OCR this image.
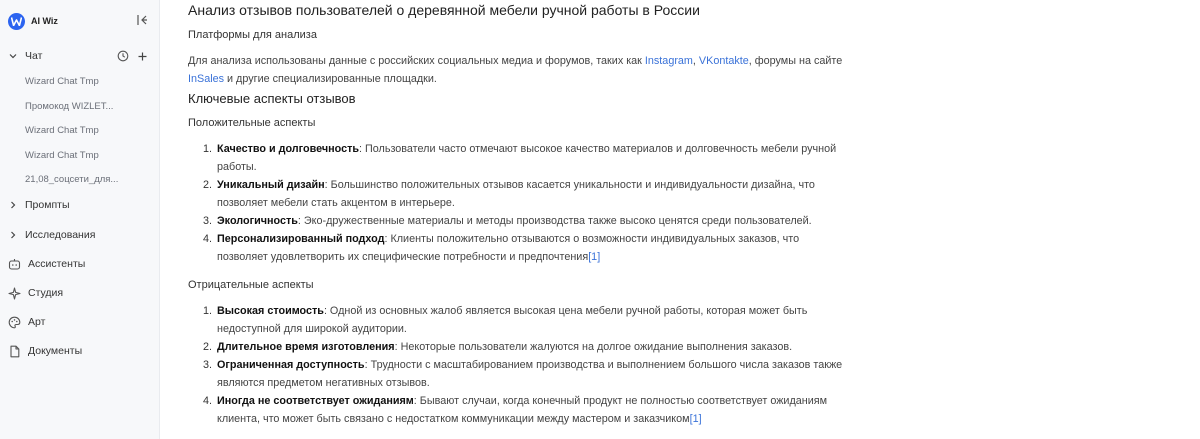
AI Wiz
Чат
Wizard Chat Tmp
Промокод WIZLET...
Wizard Chat Tmp
Wizard Chat Tmp
21,08_соцсети_для...
Промпты
Исследования
Ассистенты
Студия
Арт
Документы
Анализ отзывов пользователей о деревянной мебели ручной работы в России
Платформы для анализа
Для анализа использованы данные с российских социальных медиа и форумов, таких как Instagram, VKontakte, форумы на сайте InSales и другие специализированные площадки.
Ключевые аспекты отзывов
Положительные аспекты
1. Качество и долговечность: Пользователи часто отмечают высокое качество материалов и долговечность мебели ручной работы.
2. Уникальный дизайн: Большинство положительных отзывов касается уникальности и индивидуальности дизайна, что позволяет мебели стать акцентом в интерьере.
3. Экологичность: Эко-дружественные материалы и методы производства также высоко ценятся среди пользователей.
4. Персонализированный подход: Клиенты положительно отзываются о возможности индивидуальных заказов, что позволяет удовлетворить их специфические потребности и предпочтения[1]
Отрицательные аспекты
1. Высокая стоимость: Одной из основных жалоб является высокая цена мебели ручной работы, которая может быть недоступной для широкой аудитории.
2. Длительное время изготовления: Некоторые пользователи жалуются на долгое ожидание выполнения заказов.
3. Ограниченная доступность: Трудности с масштабированием производства и выполнением большого числа заказов также являются предметом негативных отзывов.
4. Иногда не соответствует ожиданиям: Бывают случаи, когда конечный продукт не полностью соответствует ожиданиям клиента, что может быть связано с недостатком коммуникации между мастером и заказчиком[1]
